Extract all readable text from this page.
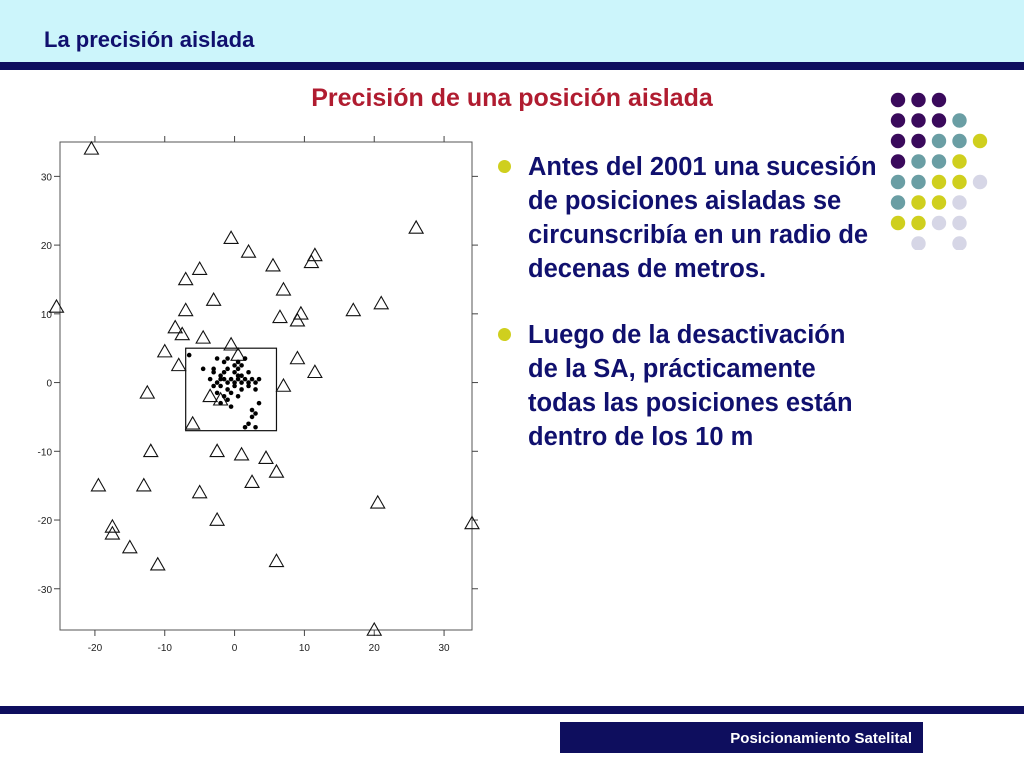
La precisión aislada
Precisión de una posición aislada
-20	-10	0	10	20	30
30
20
10
0
-10
-20
-30
Antes del 2001 una sucesión de posiciones aisladas se circunscribía en un radio de decenas de metros.
Luego de la desactivación de la SA, prácticamente todas las posiciones están dentro de los 10 m
Posicionamiento Satelital
